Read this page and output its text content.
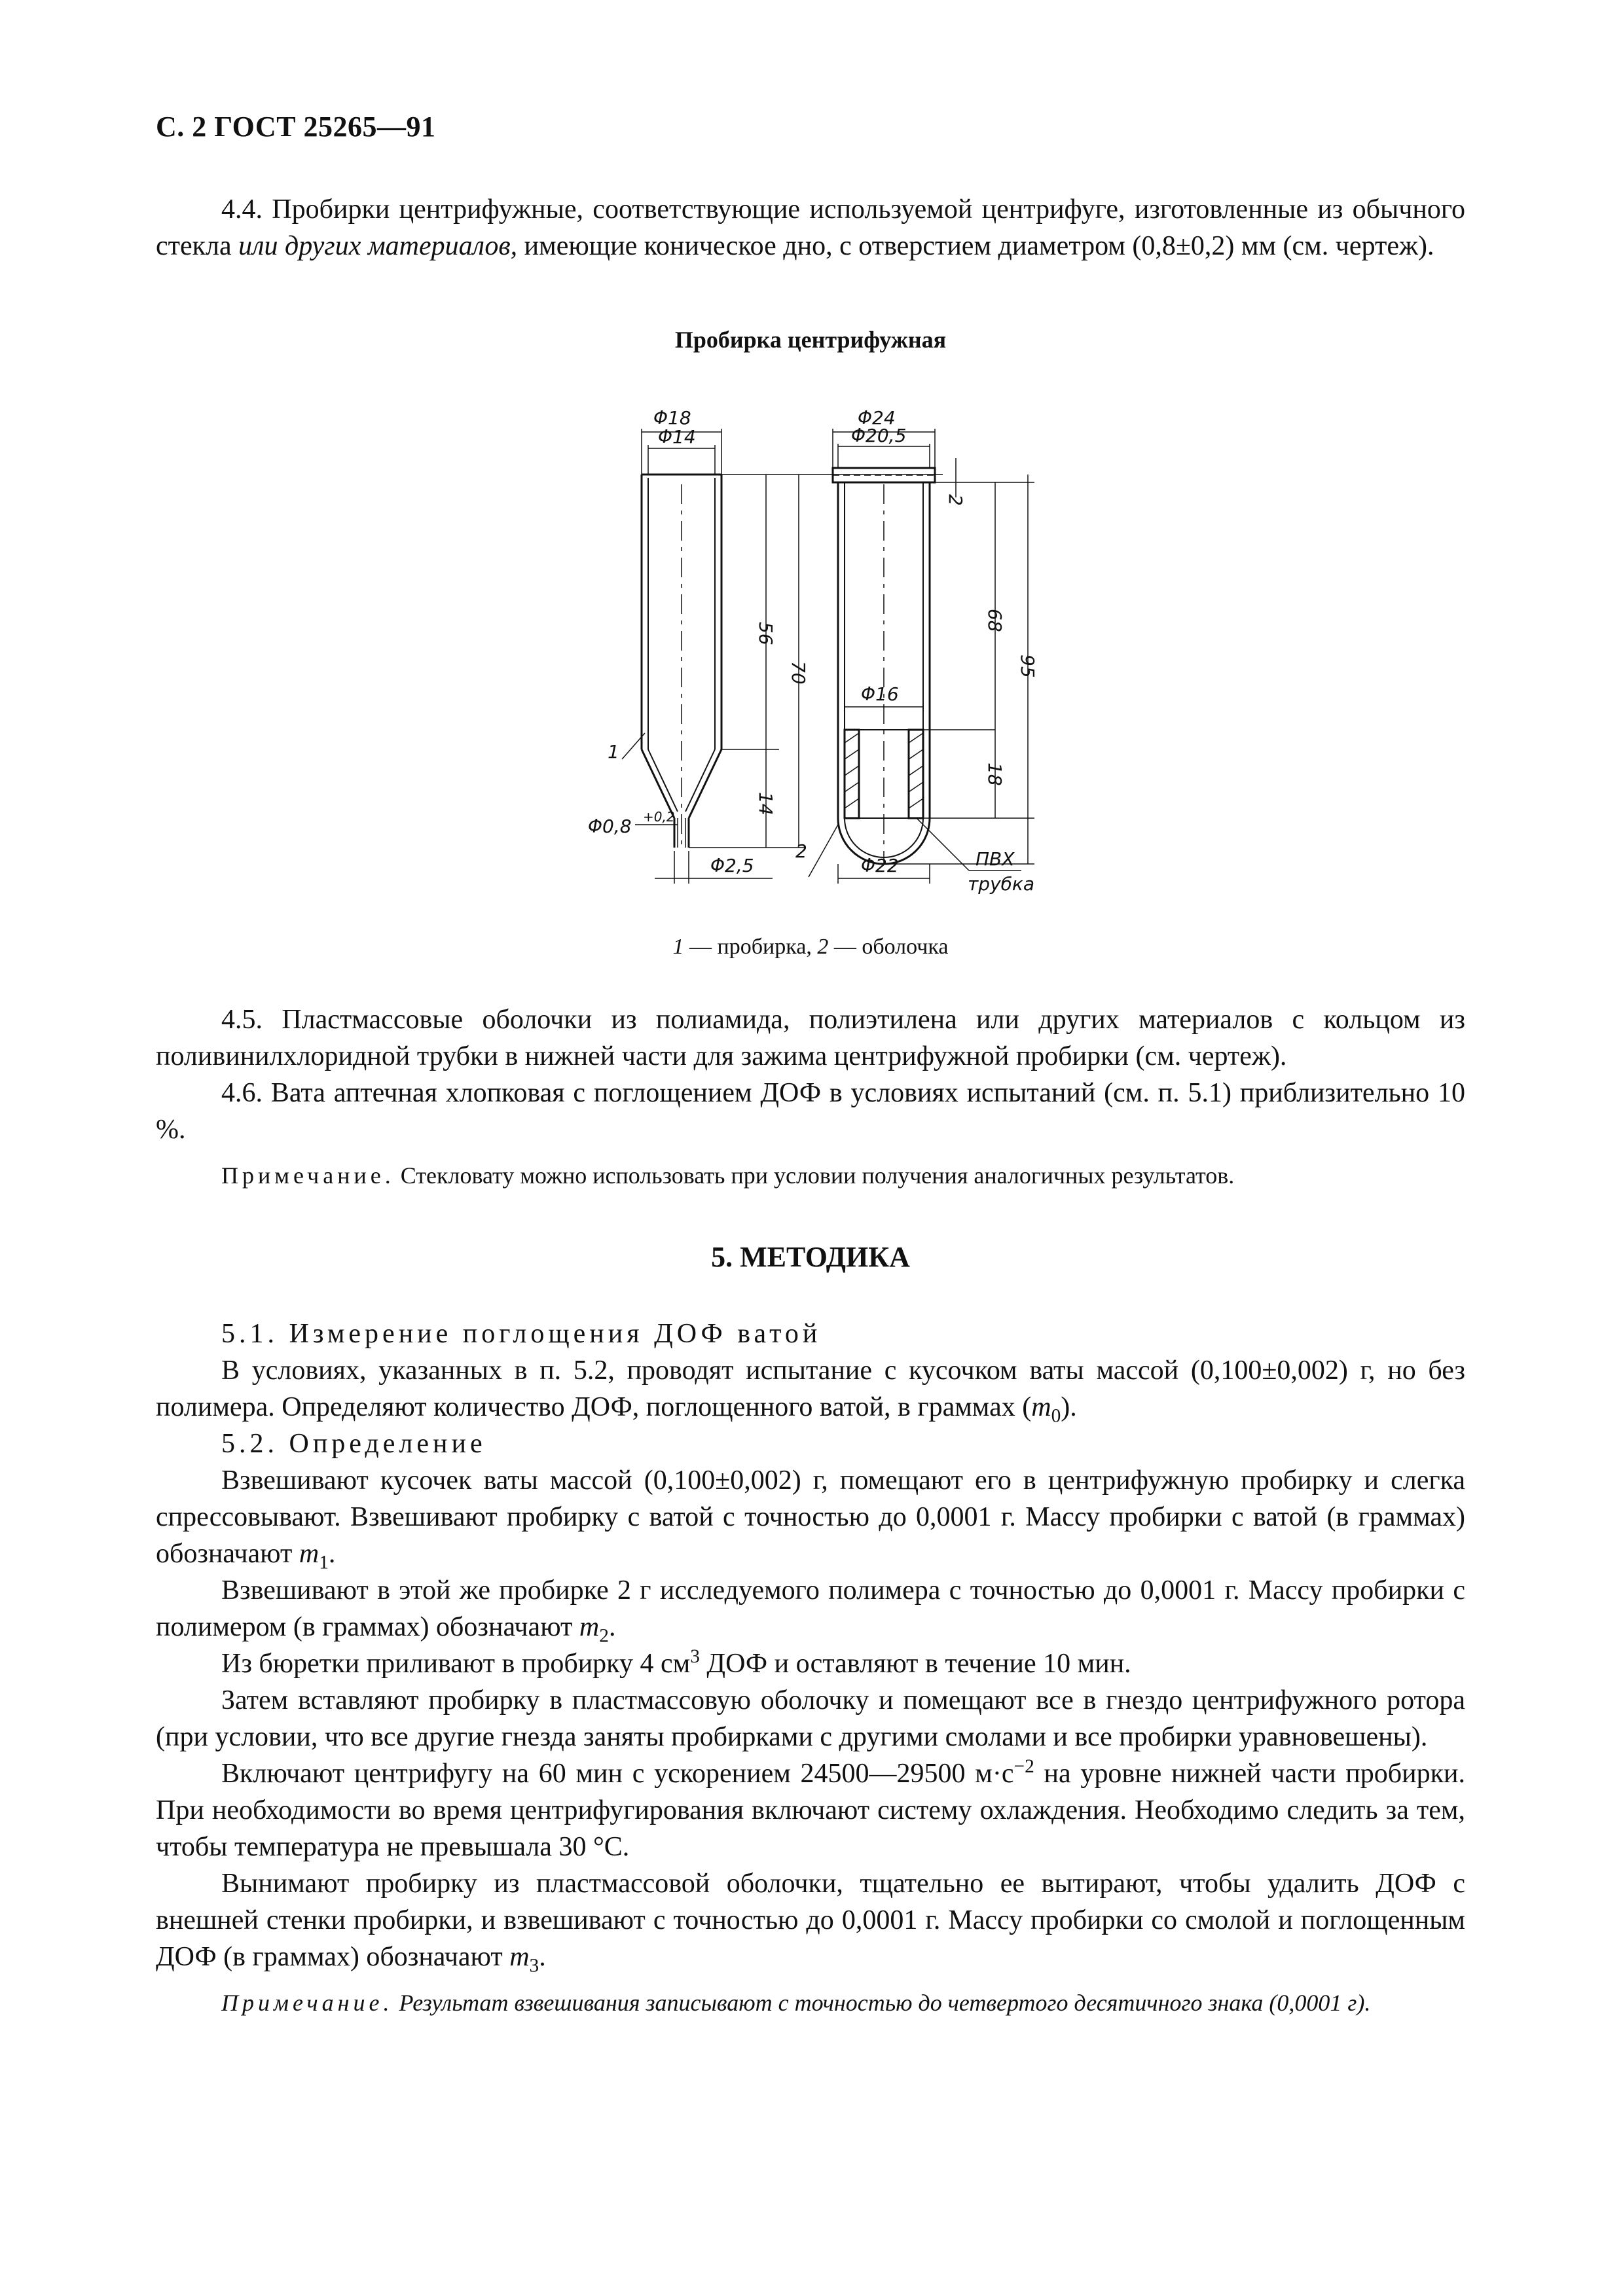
С. 2 ГОСТ 25265—91

4.4. Пробирки центрифужные, соответствующие используемой центрифуге, изготовленные из обычного стекла или других материалов, имеющие коническое дно, с отверстием диаметром (0,8±0,2) мм (см. чертеж).

Пробирка центрифужная
Φ18
Φ14
Φ24
Φ20,5
56
70
14
2
68
95
18
Φ16
Φ22
Φ2,5
Φ0,8 +0,2
ПВХ
трубка
1
2
1 — пробирка, 2 — оболочка

4.5. Пластмассовые оболочки из полиамида, полиэтилена или других материалов с кольцом из поливинилхлоридной трубки в нижней части для зажима центрифужной пробирки (см. чертеж).

4.6. Вата аптечная хлопковая с поглощением ДОФ в условиях испытаний (см. п. 5.1) приблизительно 10 %.

Примечание. Стекловату можно использовать при условии получения аналогичных результатов.

5. МЕТОДИКА

5.1. Измерение поглощения ДОФ ватой

В условиях, указанных в п. 5.2, проводят испытание с кусочком ваты массой (0,100±0,002) г, но без полимера. Определяют количество ДОФ, поглощенного ватой, в граммах $(m_0)$.

5.2. Определение

Взвешивают кусочек ваты массой (0,100±0,002) г, помещают его в центрифужную пробирку и слегка спрессовывают. Взвешивают пробирку с ватой с точностью до 0,0001 г. Массу пробирки с ватой (в граммах) обозначают $m_1$.

Взвешивают в этой же пробирке 2 г исследуемого полимера с точностью до 0,0001 г. Массу пробирки с полимером (в граммах) обозначают $m_2$.

Из бюретки приливают в пробирку 4 $см^3$ ДОФ и оставляют в течение 10 мин.

Затем вставляют пробирку в пластмассовую оболочку и помещают все в гнездо центрифужного ротора (при условии, что все другие гнезда заняты пробирками с другими смолами и все пробирки уравновешены).

Включают центрифугу на 60 мин с ускорением 24500—29500 $м\cdot с^{-2}$ на уровне нижней части пробирки. При необходимости во время центрифугирования включают систему охлаждения. Необходимо следить за тем, чтобы температура не превышала 30 °С.

Вынимают пробирку из пластмассовой оболочки, тщательно ее вытирают, чтобы удалить ДОФ с внешней стенки пробирки, и взвешивают с точностью до 0,0001 г. Массу пробирки со смолой и поглощенным ДОФ (в граммах) обозначают $m_3$.

Примечание. Результат взвешивания записывают с точностью до четвертого десятичного знака (0,0001 г).
